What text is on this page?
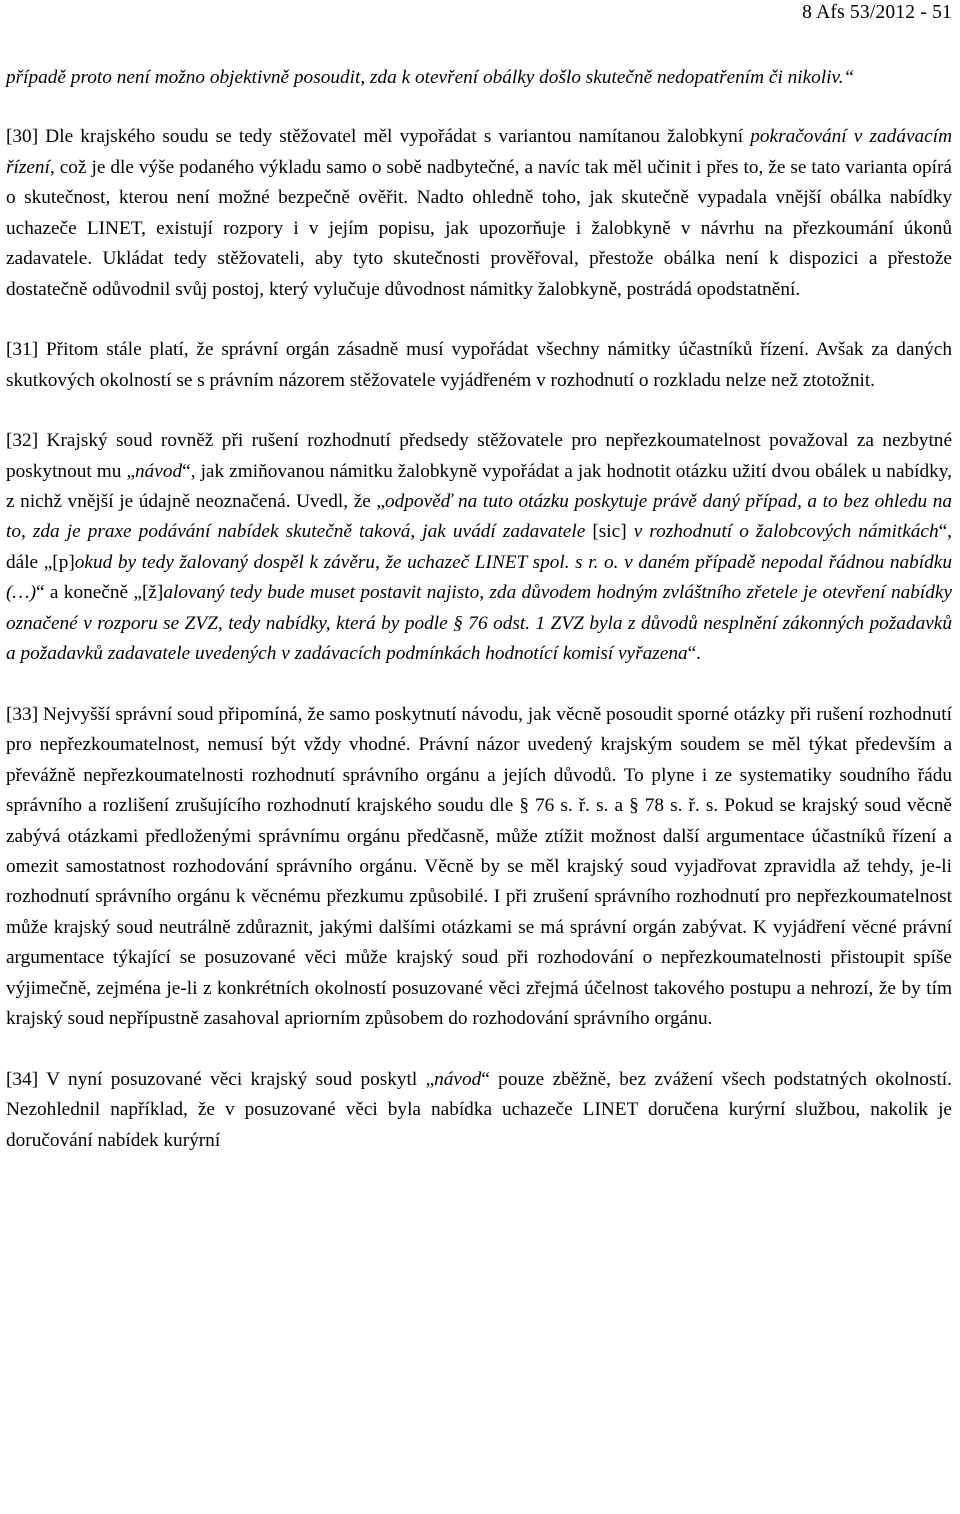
8 Afs 53/2012 - 51

případě proto není možno objektivně posoudit, zda k otevření obálky došlo skutečně nedopatřením či nikoliv.“

[30] Dle krajského soudu se tedy stěžovatel měl vypořádat s variantou namítanou žalobkyní pokračování v zadávacím řízení, což je dle výše podaného výkladu samo o sobě nadbytečné, a navíc tak měl učinit i přes to, že se tato varianta opírá o skutečnost, kterou není možné bezpečně ověřit. Nadto ohledně toho, jak skutečně vypadala vnější obálka nabídky uchazeče LINET, existují rozpory i v jejím popisu, jak upozorňuje i žalobkyně v návrhu na přezkoumání úkonů zadavatele. Ukládat tedy stěžovateli, aby tyto skutečnosti prověřoval, přestože obálka není k dispozici a přestože dostatečně odůvodnil svůj postoj, který vylučuje důvodnost námitky žalobkyně, postrádá opodstatnění.

[31] Přitom stále platí, že správní orgán zásadně musí vypořádat všechny námitky účastníků řízení. Avšak za daných skutkových okolností se s právním názorem stěžovatele vyjádřeném v rozhodnutí o rozkladu nelze než ztotožnit.

[32] Krajský soud rovněž při rušení rozhodnutí předsedy stěžovatele pro nepřezkoumatelnost považoval za nezbytné poskytnout mu „návod“, jak zmiňovanou námitku žalobkyně vypořádat a jak hodnotit otázku užití dvou obálek u nabídky, z nichž vnější je údajně neoznačená. Uvedl, že „odpověď na tuto otázku poskytuje právě daný případ, a to bez ohledu na to, zda je praxe podávání nabídek skutečně taková, jak uvádí zadavatele [sic] v rozhodnutí o žalobcových námitkách“, dále „[p]okud by tedy žalovaný dospěl k závěru, že uchazeč LINET spol. s r. o. v daném případě nepodal řádnou nabídku (…)“ a konečně „[ž]alovaný tedy bude muset postavit najisto, zda důvodem hodným zvláštního zřetele je otevření nabídky označené v rozporu se ZVZ, tedy nabídky, která by podle § 76 odst. 1 ZVZ byla z důvodů nesplnění zákonných požadavků a požadavků zadavatele uvedených v zadávacích podmínkách hodnotící komisí vyřazena“.

[33] Nejvyšší správní soud připomíná, že samo poskytnutí návodu, jak věcně posoudit sporné otázky při rušení rozhodnutí pro nepřezkoumatelnost, nemusí být vždy vhodné. Právní názor uvedený krajským soudem se měl týkat především a převážně nepřezkoumatelnosti rozhodnutí správního orgánu a jejích důvodů. To plyne i ze systematiky soudního řádu správního a rozlišení zrušujícího rozhodnutí krajského soudu dle § 76 s. ř. s. a § 78 s. ř. s. Pokud se krajský soud věcně zabývá otázkami předloženými správnímu orgánu předčasně, může ztížit možnost další argumentace účastníků řízení a omezit samostatnost rozhodování správního orgánu. Věcně by se měl krajský soud vyjadřovat zpravidla až tehdy, je-li rozhodnutí správního orgánu k věcnému přezkumu způsobilé. I při zrušení správního rozhodnutí pro nepřezkoumatelnost může krajský soud neutrálně zdůraznit, jakými dalšími otázkami se má správní orgán zabývat. K vyjádření věcné právní argumentace týkající se posuzované věci může krajský soud při rozhodování o nepřezkoumatelnosti přistoupit spíše výjimečně, zejména je-li z konkrétních okolností posuzované věci zřejmá účelnost takového postupu a nehrozí, že by tím krajský soud nepřípustně zasahoval apriorním způsobem do rozhodování správního orgánu.

[34] V nyní posuzované věci krajský soud poskytl „návod“ pouze zběžně, bez zvážení všech podstatných okolností. Nezohlednil například, že v posuzované věci byla nabídka uchazeče LINET doručena kurýrní službou, nakolik je doručování nabídek kurýrní
